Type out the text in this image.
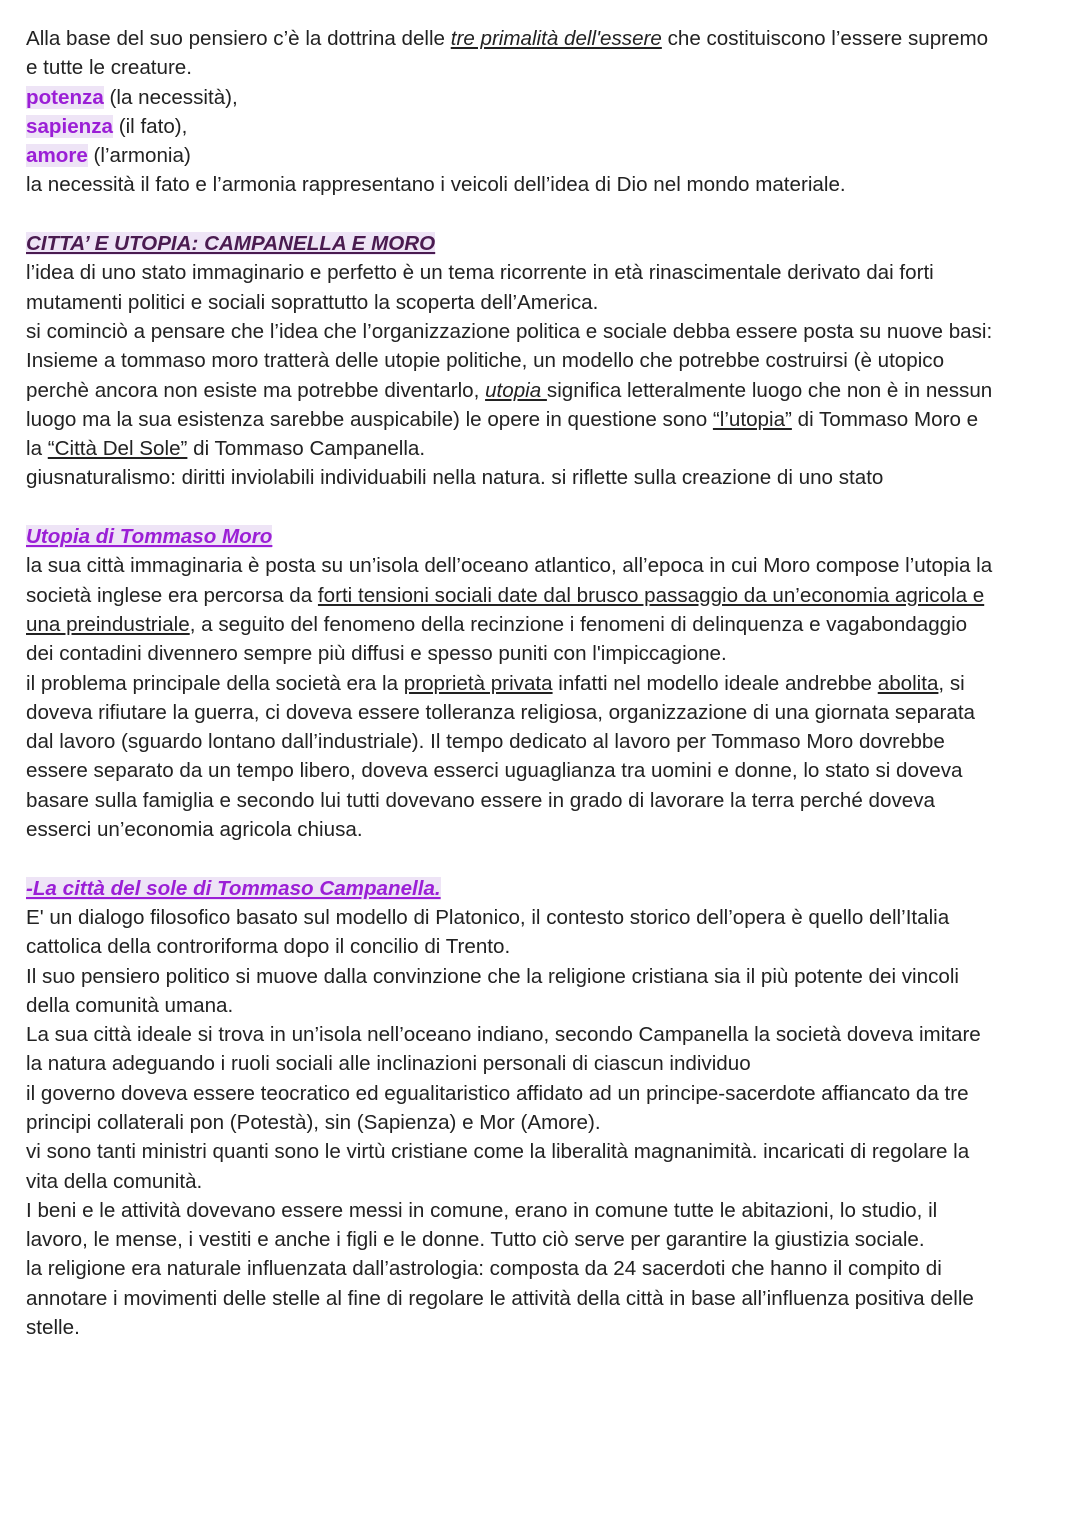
Alla base del suo pensiero c’è la dottrina delle tre primalità dell'essere che costituiscono l’essere supremo
e tutte le creature.
potenza (la necessità),
sapienza (il fato),
amore (l’armonia)
la necessità il fato e l’armonia rappresentano i veicoli dell’idea di Dio nel mondo materiale.
CITTA’ E UTOPIA: CAMPANELLA E MORO
l’idea di uno stato immaginario e perfetto è un tema ricorrente in età rinascimentale derivato dai forti
mutamenti politici e sociali soprattutto la scoperta dell’America.
si cominciò a pensare che l’idea che l’organizzazione politica e sociale debba essere posta su nuove basi:
Insieme a tommaso moro tratterà delle utopie politiche, un modello che potrebbe costruirsi (è utopico
perchè ancora non esiste ma potrebbe diventarlo, utopia significa letteralmente luogo che non è in nessun
luogo ma la sua esistenza sarebbe auspicabile) le opere in questione sono “l’utopia” di Tommaso Moro e
la “Città Del Sole” di Tommaso Campanella.
giusnaturalismo: diritti inviolabili individuabili nella natura. si riflette sulla creazione di uno stato
Utopia di Tommaso Moro
la sua città immaginaria è posta su un’isola dell’oceano atlantico, all’epoca in cui Moro compose l’utopia la
società inglese era percorsa da forti tensioni sociali date dal brusco passaggio da un’economia agricola e
una preindustriale, a seguito del fenomeno della recinzione i fenomeni di delinquenza e vagabondaggio
dei contadini divennero sempre più diffusi e spesso puniti con l'impiccagione.
il problema principale della società era la proprietà privata infatti nel modello ideale andrebbe abolita, si
doveva rifiutare la guerra, ci doveva essere tolleranza religiosa, organizzazione di una giornata separata
dal lavoro (sguardo lontano dall’industriale). Il tempo dedicato al lavoro per Tommaso Moro dovrebbe
essere separato da un tempo libero, doveva esserci uguaglianza tra uomini e donne, lo stato si doveva
basare sulla famiglia e secondo lui tutti dovevano essere in grado di lavorare la terra perché doveva
esserci un’economia agricola chiusa.
-La città del sole di Tommaso Campanella.
E' un dialogo filosofico basato sul modello di Platonico, il contesto storico dell’opera è quello dell’Italia
cattolica della controriforma dopo il concilio di Trento.
Il suo pensiero politico si muove dalla convinzione che la religione cristiana sia il più potente dei vincoli
della comunità umana.
La sua città ideale si trova in un’isola nell’oceano indiano, secondo Campanella la società doveva imitare
la natura adeguando i ruoli sociali alle inclinazioni personali di ciascun individuo
il governo doveva essere teocratico ed egualitaristico affidato ad un principe-sacerdote affiancato da tre
principi collaterali pon (Potestà), sin (Sapienza) e Mor (Amore).
vi sono tanti ministri quanti sono le virtù cristiane come la liberalità magnanimità. incaricati di regolare la
vita della comunità.
I beni e le attività dovevano essere messi in comune, erano in comune tutte le abitazioni, lo studio, il
lavoro, le mense, i vestiti e anche i figli e le donne. Tutto ciò serve per garantire la giustizia sociale.
la religione era naturale influenzata dall’astrologia: composta da 24 sacerdoti che hanno il compito di
annotare i movimenti delle stelle al fine di regolare le attività della città in base all’influenza positiva delle
stelle.
